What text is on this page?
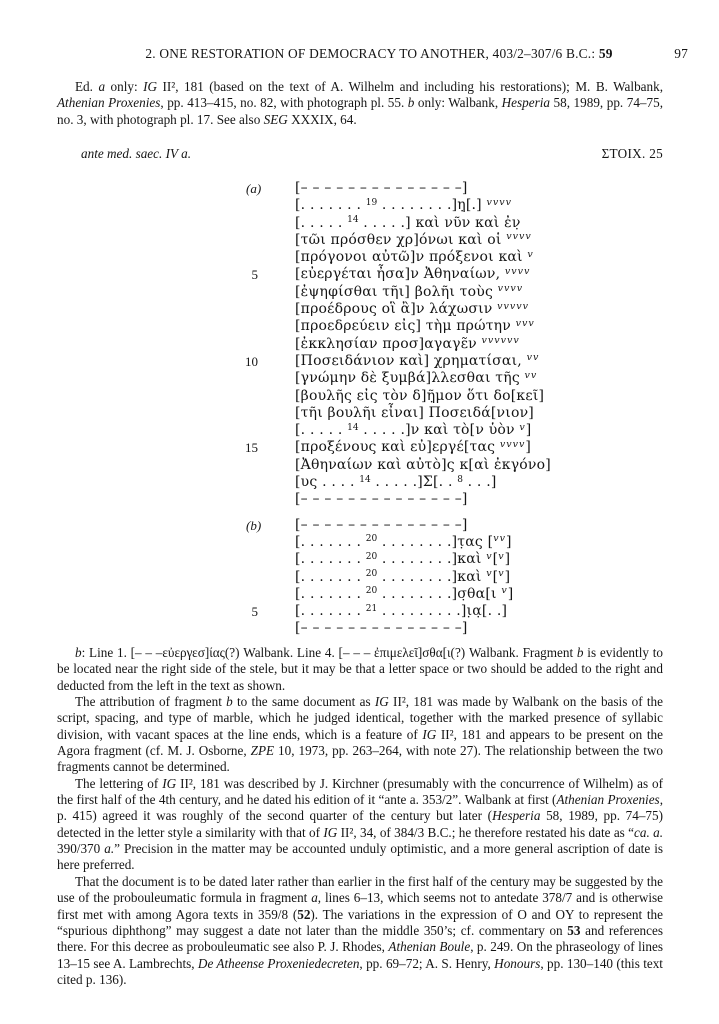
2. ONE RESTORATION OF DEMOCRACY TO ANOTHER, 403/2–307/6 B.C.: 59	97
Ed. a only: IG II², 181 (based on the text of A. Wilhelm and including his restorations); M. B. Walbank, Athenian Proxenies, pp. 413–415, no. 82, with photograph pl. 55. b only: Walbank, Hesperia 58, 1989, pp. 74–75, no. 3, with photograph pl. 17. See also SEG XXXIX, 64.
ante med. saec. IV a.	ΣΤΟΙΧ. 25
(a) [– – – – – – – – – – – – – –]
[. . . . . . . $^{19}$ . . . . . . . .]η̣[.] $^{vvvv}$
[. . . . . $^{14}$ . . . . .] καὶ νῦν καὶ ἐν̣
[τῶι πρόσθεν χρ]όνωι καὶ οἱ $^{vvvv}$
[πρόγονοι αὐτῶ]ν πρόξενοι καὶ $^v$
5	[εὐεργέται ἦσα]ν Ἀθηναίων, $^{vvvv}$
[ἐψηφίσθαι τῆι] βολῆι τοὺς $^{vvvv}$
[προέδρους οἳ ἂ]ν λάχωσιν $^{vvvvv}$
[προεδρεύειν εἰς] τὴμ πρώτην $^{vvv}$
[ἐκκλησίαν προσ]αγαγε̃ν $^{vvvvvv}$
10	[Ποσειδάνιον καὶ] χρηματίσαι, $^{vv}$
[γνώμην δὲ ξυμβά]λλεσθαι τῆς $^{vv}$
[βουλῆς εἰς τὸν δ]ῆ̣μον ὅτι δο[κεῖ]
[τῆι βουλῆι εἶναι] Ποσειδά[νιον]
[. . . . . $^{14}$ . . . . .]ν καὶ τὸ[ν ὑὸν $^v$]
15	[προξένους καὶ εὐ]εργέ[τας $^{vvvv}$]
[Ἀθηναίων καὶ αὐτὸ]ς κ[αὶ ἐκγόνο]
[υς . . . . $^{14}$ . . . . .]Σ[. . $^8$ . . .]
[– – – – – – – – – – – – – –]
(b) [– – – – – – – – – – – – – –]
[. . . . . . . $^{20}$ . . . . . . . .]τ̣ας [$^{vv}$]
[. . . . . . . $^{20}$ . . . . . . . .]καὶ $^v$[$^v$]
[. . . . . . . $^{20}$ . . . . . . . .]καὶ $^v$[$^v$]
[. . . . . . . $^{20}$ . . . . . . . .]σ̣θα[ι $^v$]
5	[. . . . . . . $^{21}$ . . . . . . . . .]ι̣α̣[. .]
[– – – – – – – – – – – – – –]

b: Line 1. [– – –εὐεργεσ]ίας(?) Walbank. Line 4. [– – – ἐπιμελεῖ]σθα[ι(?) Walbank. Fragment b is evidently to be located near the right side of the stele, but it may be that a letter space or two should be added to the right and deducted from the left in the text as shown.

The attribution of fragment b to the same document as IG II², 181 was made by Walbank on the basis of the script, spacing, and type of marble, which he judged identical, together with the marked presence of syllabic division, with vacant spaces at the line ends, which is a feature of IG II², 181 and appears to be present on the Agora fragment (cf. M. J. Osborne, ZPE 10, 1973, pp. 263–264, with note 27). The relationship between the two fragments cannot be determined.

The lettering of IG II², 181 was described by J. Kirchner (presumably with the concurrence of Wilhelm) as of the first half of the 4th century, and he dated his edition of it “ante a. 353/2”. Walbank at first (Athenian Proxenies, p. 415) agreed it was roughly of the second quarter of the century but later (Hesperia 58, 1989, pp. 74–75) detected in the letter style a similarity with that of IG II², 34, of 384/3 B.C.; he therefore restated his date as “ca. a. 390/370 a.” Precision in the matter may be accounted unduly optimistic, and a more general ascription of date is here preferred.

That the document is to be dated later rather than earlier in the first half of the century may be suggested by the use of the probouleumatic formula in fragment a, lines 6–13, which seems not to antedate 378/7 and is otherwise first met with among Agora texts in 359/8 (52). The variations in the expression of O and OΥ to represent the “spurious diphthong” may suggest a date not later than the middle 350’s; cf. commentary on 53 and references there. For this decree as probouleumatic see also P. J. Rhodes, Athenian Boule, p. 249. On the phraseology of lines 13–15 see A. Lambrechts, De Atheense Proxeniedecreten, pp. 69–72; A. S. Henry, Honours, pp. 130–140 (this text cited p. 136).
